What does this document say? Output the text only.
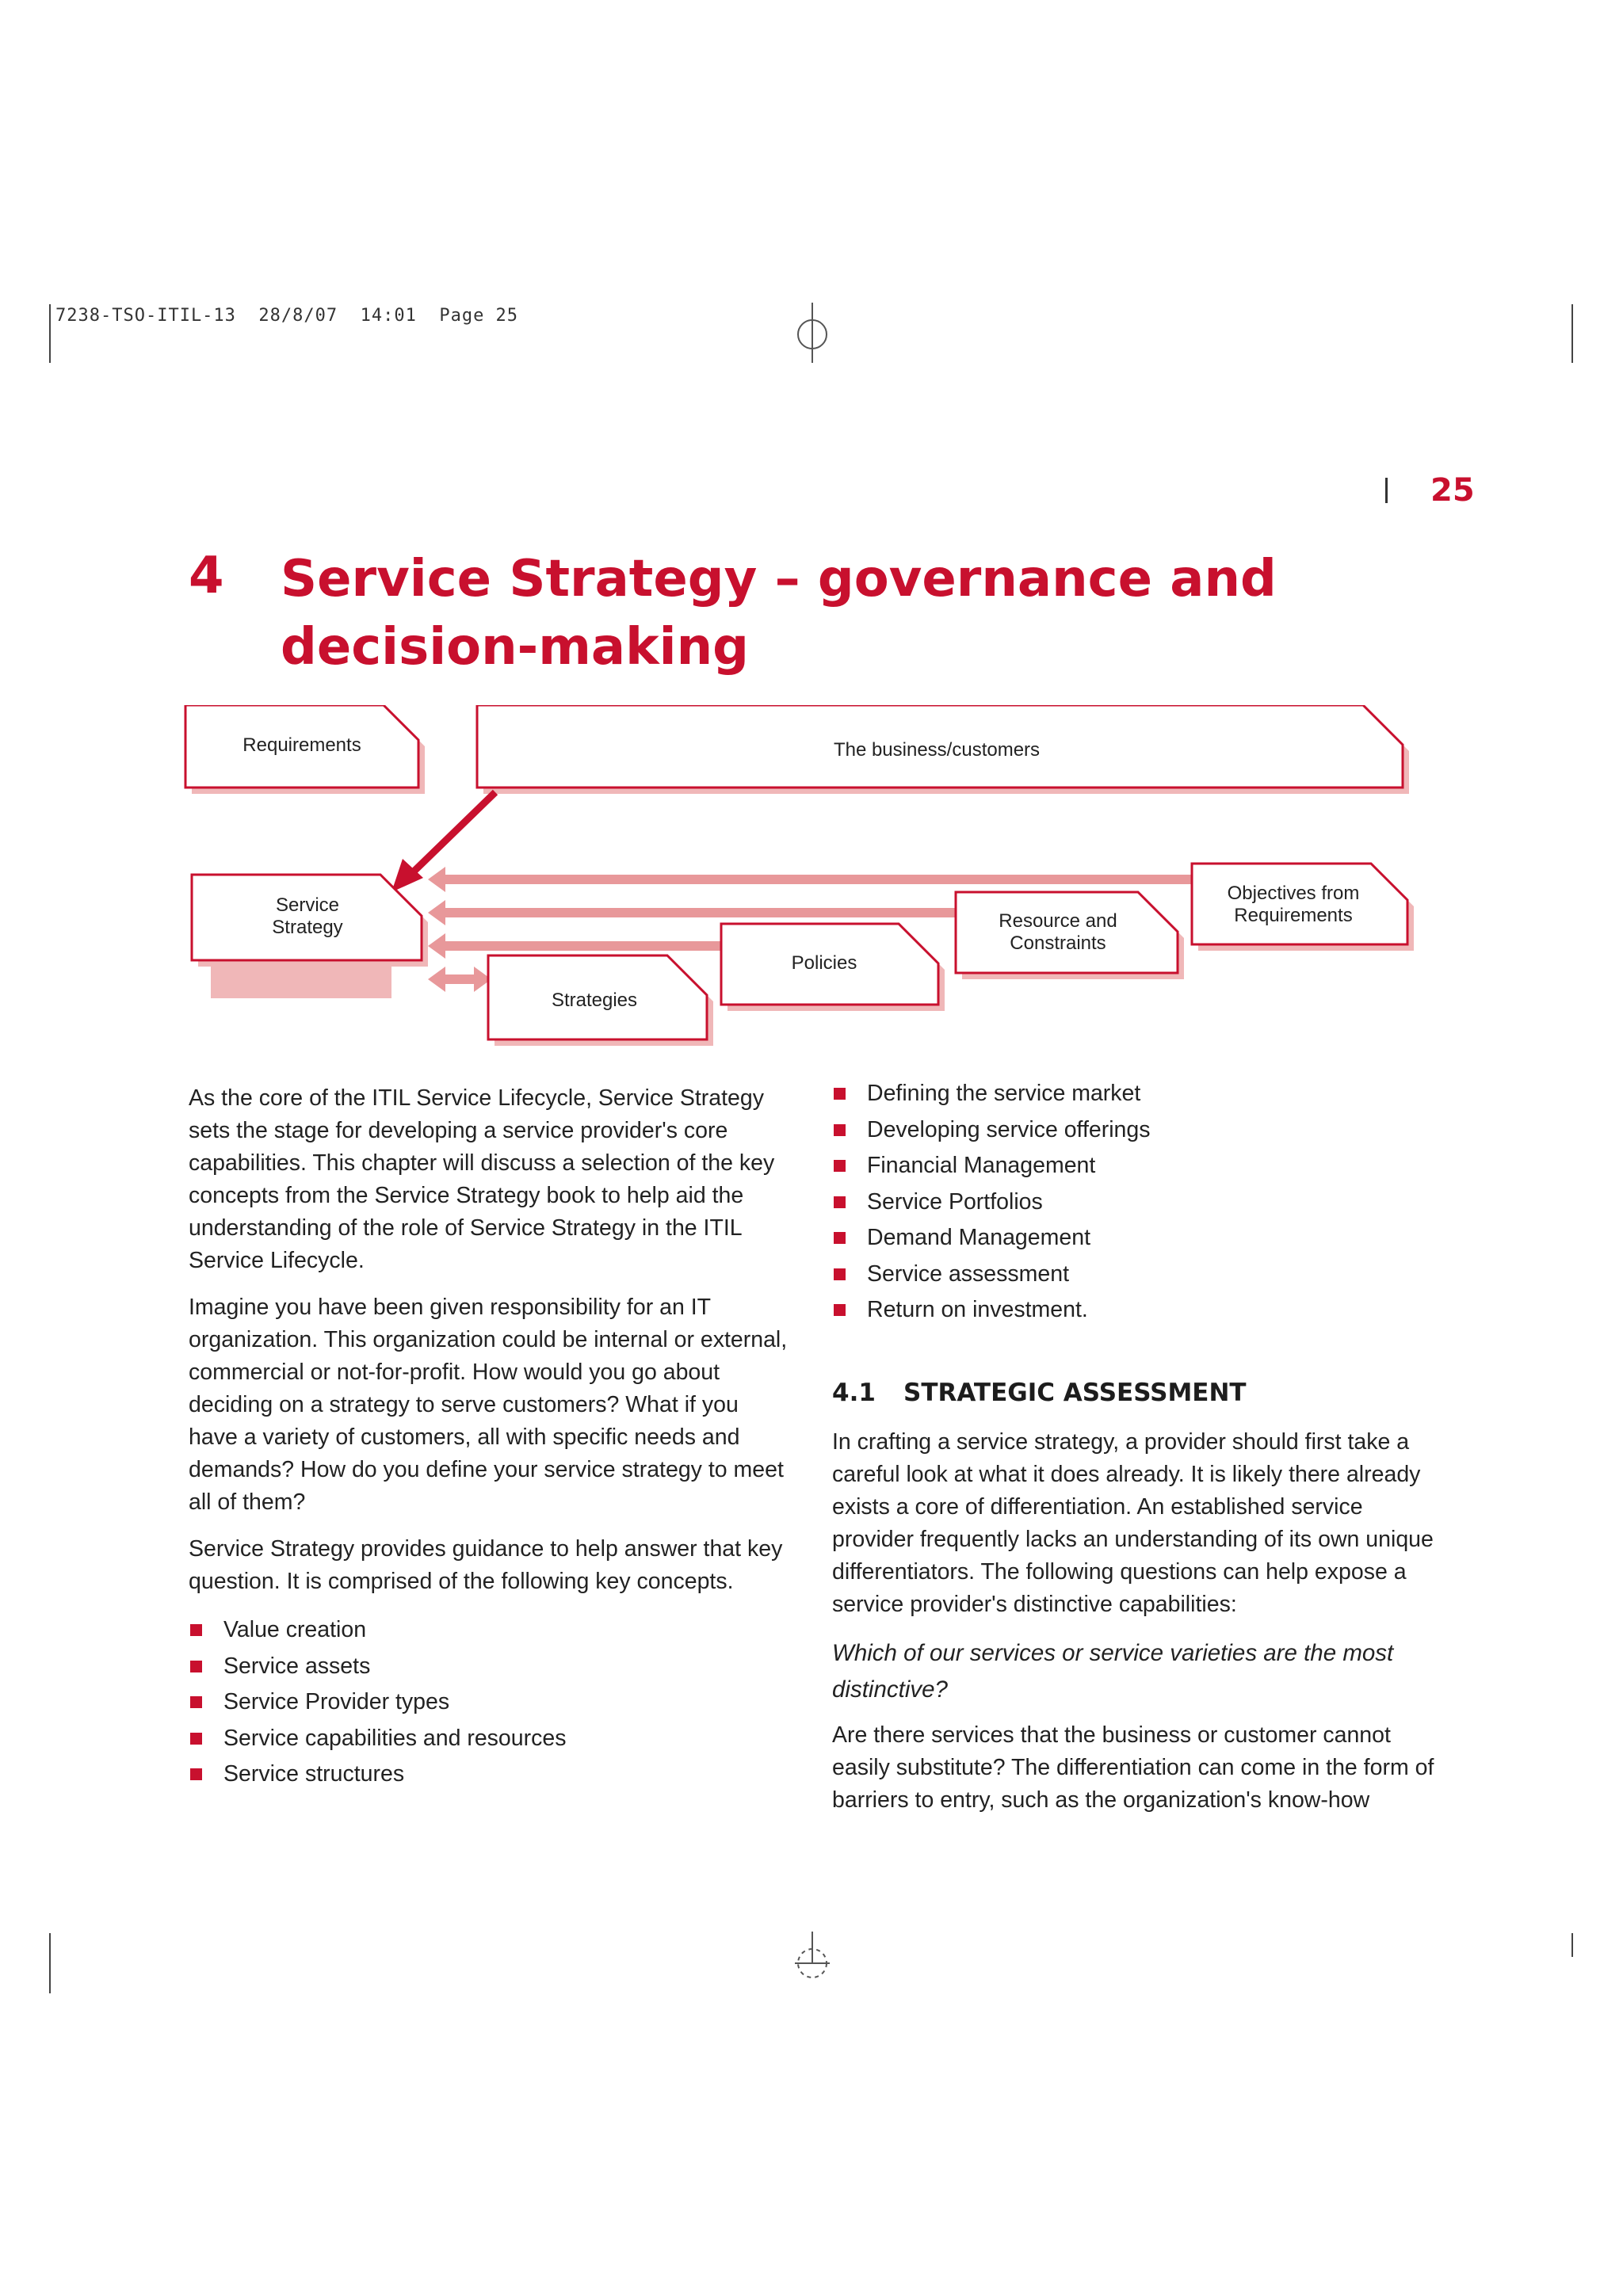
7238-TSO-ITIL-13  28/8/07  14:01  Page 25
25
4 Service Strategy – governance and
decision-making
Requirements	The business/customers
Service
Strategy
Strategies
Policies
Resource and
Constraints
Objectives from
Requirements

As the core of the ITIL Service Lifecycle, Service Strategy sets the stage for developing a service provider's core capabilities. This chapter will discuss a selection of the key concepts from the Service Strategy book to help aid the understanding of the role of Service Strategy in the ITIL Service Lifecycle.

Imagine you have been given responsibility for an IT organization. This organization could be internal or external, commercial or not-for-profit. How would you go about deciding on a strategy to serve customers? What if you have a variety of customers, all with specific needs and demands? How do you define your service strategy to meet all of them?

Service Strategy provides guidance to help answer that key question. It is comprised of the following key concepts.

Value creation
Service assets
Service Provider types
Service capabilities and resources
Service structures
Defining the service market
Developing service offerings
Financial Management
Service Portfolios
Demand Management
Service assessment
Return on investment.
4.1 STRATEGIC ASSESSMENT

In crafting a service strategy, a provider should first take a careful look at what it does already. It is likely there already exists a core of differentiation. An established service provider frequently lacks an understanding of its own unique differentiators. The following questions can help expose a service provider's distinctive capabilities:

Which of our services or service varieties are the most distinctive?

Are there services that the business or customer cannot easily substitute? The differentiation can come in the form of barriers to entry, such as the organization's know-how
